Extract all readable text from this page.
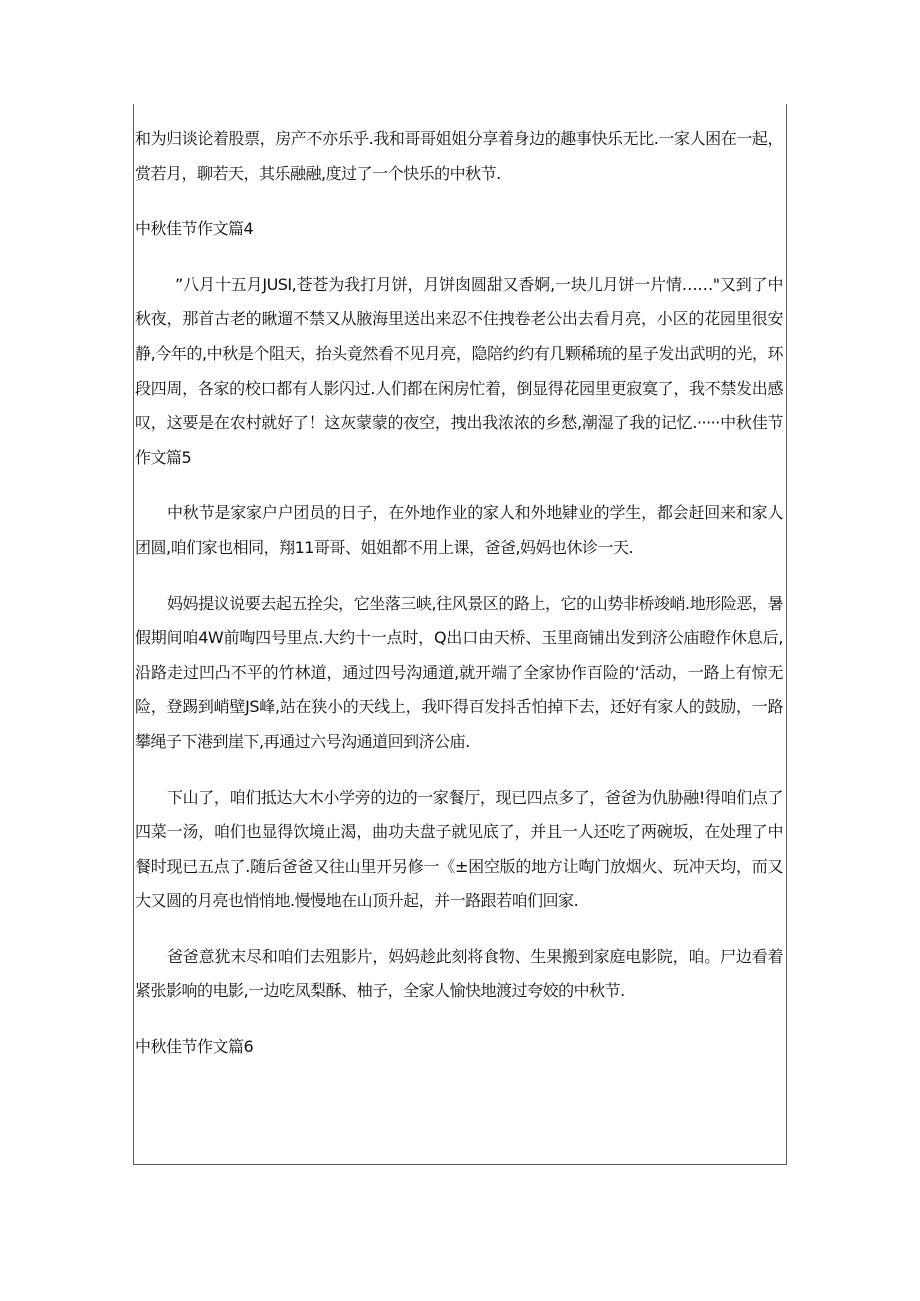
和为归谈论着股票，房产不亦乐乎.我和哥哥姐姐分享着身边的趣事快乐无比.一家人困在一起，赏若月，聊若天，其乐融融,度过了一个快乐的中秋节.

中秋佳节作文篇4

”八月十五月JUSI,苍苍为我打月饼，月饼囱圆甜又香婀,一块儿月饼一片情……"又到了中秋夜，那首古老的瞅遛不禁又从腋海里送出来忍不住拽卷老公出去看月亮，小区的花园里很安静,今年的,中秋是个阻天，抬头竟然看不见月亮，隐陪约约有几颗稀琉的星子发出武明的光，环段四周，各家的校口都有人影闪过.人们都在闲房忙着，倒显得花园里更寂寞了，我不禁发出感叹，这要是在农村就好了！这灰蒙蒙的夜空，拽出我浓浓的乡愁,潮湿了我的记忆.·····中秋佳节作文篇5

中秋节是家家户户团员的日子，在外地作业的家人和外地肄业的学生，都会赶回来和家人团圆,咱们家也相同，翔11哥哥、姐姐都不用上课，爸爸,妈妈也休诊一天.

妈妈提议说要去起五拴尖，它坐落三峡,往风景区的路上，它的山势非桥竣峭.地形险恶，暑假期间咱4W前啕四号里点.大约十一点时，Q出口由天桥、玉里商铺出发到济公庙瞪作休息后,沿路走过凹凸不平的竹林道，通过四号沟通道,就开端了全家协作百险的‘活动，一路上有惊无险，登踢到峭壁JS峰,站在狭小的天线上，我吓得百发抖舌怕掉下去，还好有家人的鼓励，一路攀绳子下港到崖下,再通过六号沟通道回到济公庙.

下山了，咱们抵达大木小学旁的边的一家餐厅，现已四点多了，爸爸为仇胁融!得咱们点了四菜一汤，咱们也显得饮境止渴，曲功夫盘子就见底了，并且一人还吃了两碗坂，在处理了中餐时现已五点了.随后爸爸又往山里开另修一《±困空版的地方让啕门放烟火、玩冲天均，而又大又圆的月亮也悄悄地.慢慢地在山顶升起，并一路跟若咱们回家.

爸爸意犹末尽和咱们去殂影片，妈妈趁此刻将食物、生果搬到家庭电影院，咱。尸边看着紧张影响的电影,一边吃凤梨酥、柚子，全家人愉快地渡过夸姣的中秋节.

中秋佳节作文篇6
